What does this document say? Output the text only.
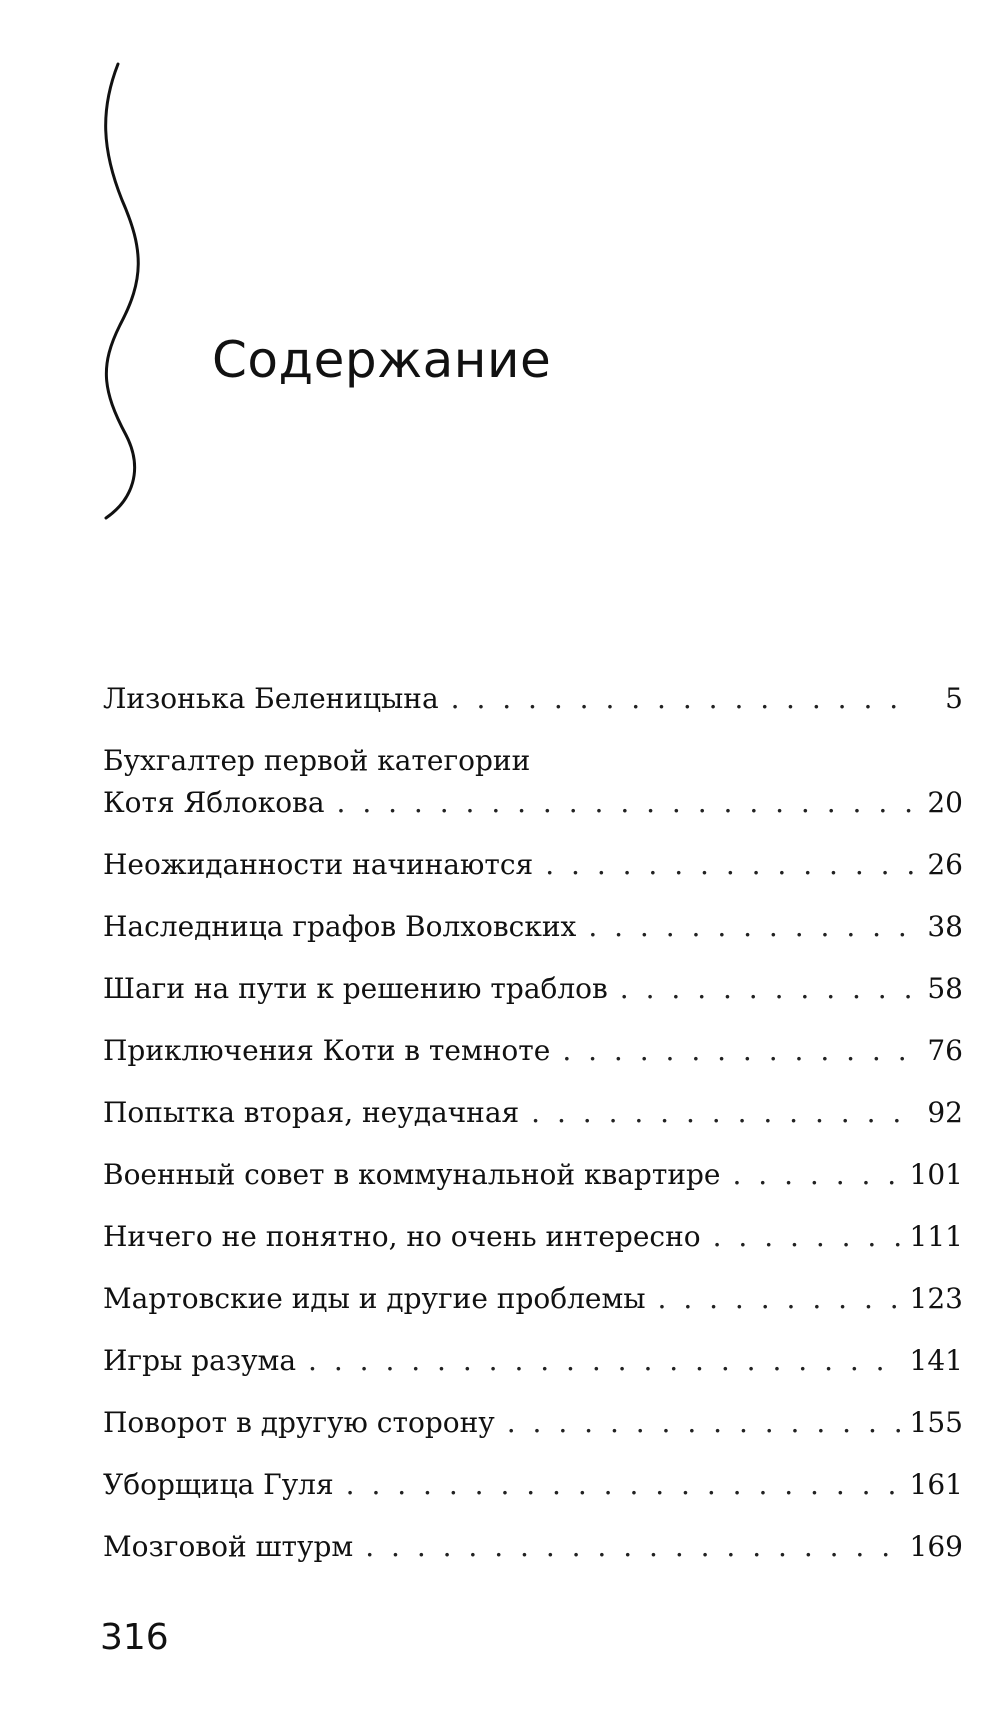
Содержание
Лизонька Беленицына . . .	5
Бухгалтер первой категории
Котя Яблокова . . .	20
Неожиданности начинаются . . .	26
Наследница графов Волховских . . .	38
Шаги на пути к решению траблов . . .	58
Приключения Коти в темноте . . .	76
Попытка вторая, неудачная . . .	92
Военный совет в коммунальной квартире . . .	101
Ничего не понятно, но очень интересно . . .	111
Мартовские иды и другие проблемы . . .	123
Игры разума . . .	141
Поворот в другую сторону . . .	155
Уборщица Гуля . . .	161
Мозговой штурм . . .	169
316
